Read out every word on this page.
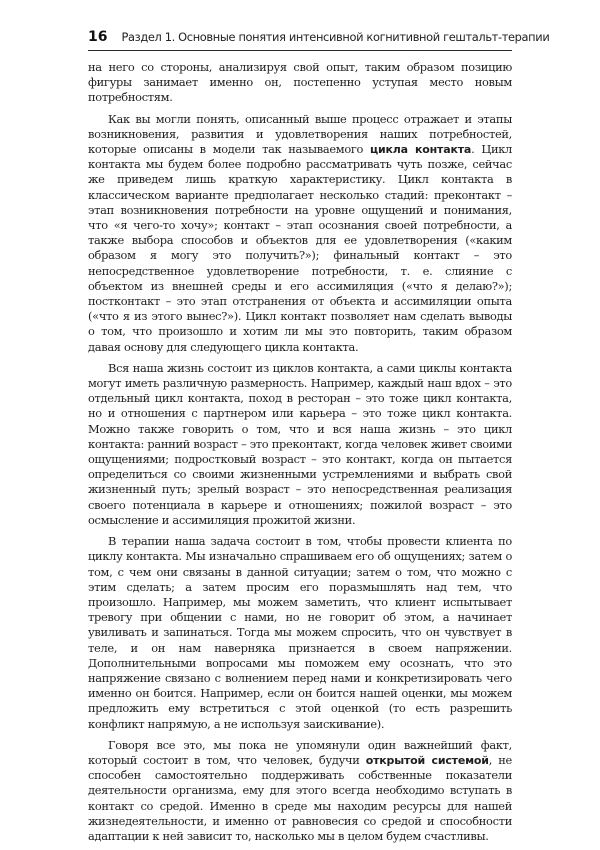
16 Раздел 1. Основные понятия интенсивной когнитивной гештальт-терапии

на него со стороны, анализируя свой опыт, таким образом позицию фигуры занимает именно он, постепенно уступая место новым потребностям.

Как вы могли понять, описанный выше процесс отражает и этапы возникновения, развития и удовлетворения наших потребностей, которые описаны в модели так называемого цикла контакта. Цикл контакта мы будем более подробно рассматривать чуть позже, сейчас же приведем лишь краткую характеристику. Цикл контакта в классическом варианте предполагает несколько стадий: преконтакт – этап возникновения потребности на уровне ощущений и понимания, что «я чего-то хочу»; контакт – этап осознания своей потребности, а также выбора способов и объектов для ее удовлетворения («каким образом я могу это получить?»); финальный контакт – это непосредственное удовлетворение потребности, т. е. слияние с объектом из внешней среды и его ассимиляция («что я делаю?»); постконтакт – это этап отстранения от объекта и ассимиляции опыта («что я из этого вынес?»). Цикл контакт позволяет нам сделать выводы о том, что произошло и хотим ли мы это повторить, таким образом давая основу для следующего цикла контакта.

Вся наша жизнь состоит из циклов контакта, а сами циклы контакта могут иметь различную размерность. Например, каждый наш вдох – это отдельный цикл контакта, поход в ресторан – это тоже цикл контакта, но и отношения с партнером или карьера – это тоже цикл контакта. Можно также говорить о том, что и вся наша жизнь – это цикл контакта: ранний возраст – это преконтакт, когда человек живет своими ощущениями; подростковый возраст – это контакт, когда он пытается определиться со своими жизненными устремлениями и выбрать свой жизненный путь; зрелый возраст – это непосредственная реализация своего потенциала в карьере и отношениях; пожилой возраст – это осмысление и ассимиляция прожитой жизни.

В терапии наша задача состоит в том, чтобы провести клиента по циклу контакта. Мы изначально спрашиваем его об ощущениях; затем о том, с чем они связаны в данной ситуации; затем о том, что можно с этим сделать; а затем просим его поразмышлять над тем, что произошло. Например, мы можем заметить, что клиент испытывает тревогу при общении с нами, но не говорит об этом, а начинает увиливать и запинаться. Тогда мы можем спросить, что он чувствует в теле, и он нам наверняка признается в своем напряжении. Дополнительными вопросами мы поможем ему осознать, что это напряжение связано с волнением перед нами и конкретизировать чего именно он боится. Например, если он боится нашей оценки, мы можем предложить ему встретиться с этой оценкой (то есть разрешить конфликт напрямую, а не используя заискивание).

Говоря все это, мы пока не упомянули один важнейший факт, который состоит в том, что человек, будучи открытой системой, не способен самостоятельно поддерживать собственные показатели деятельности организма, ему для этого всегда необходимо вступать в контакт со средой. Именно в среде мы находим ресурсы для нашей жизнедеятельности, и именно от равновесия со средой и способности адаптации к ней зависит то, насколько мы в целом будем счастливы.
